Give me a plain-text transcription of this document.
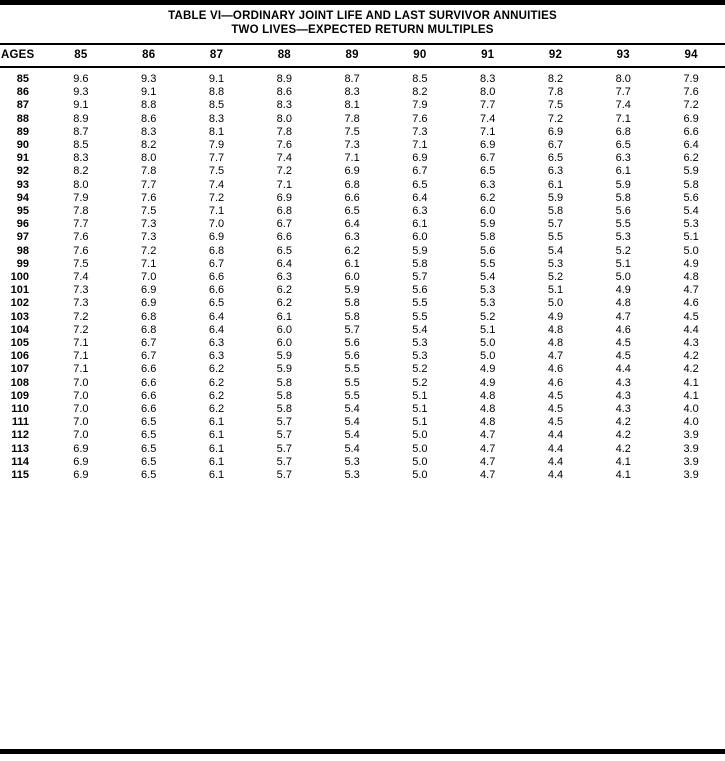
TABLE VI—ORDINARY JOINT LIFE AND LAST SURVIVOR ANNUITIES
TWO LIVES—EXPECTED RETURN MULTIPLES
AGES	85	86	87	88	89	90	91	92	93	94
85	9.6	9.3	9.1	8.9	8.7	8.5	8.3	8.2	8.0	7.9
86	9.3	9.1	8.8	8.6	8.3	8.2	8.0	7.8	7.7	7.6
87	9.1	8.8	8.5	8.3	8.1	7.9	7.7	7.5	7.4	7.2
88	8.9	8.6	8.3	8.0	7.8	7.6	7.4	7.2	7.1	6.9
89	8.7	8.3	8.1	7.8	7.5	7.3	7.1	6.9	6.8	6.6
90	8.5	8.2	7.9	7.6	7.3	7.1	6.9	6.7	6.5	6.4
91	8.3	8.0	7.7	7.4	7.1	6.9	6.7	6.5	6.3	6.2
92	8.2	7.8	7.5	7.2	6.9	6.7	6.5	6.3	6.1	5.9
93	8.0	7.7	7.4	7.1	6.8	6.5	6.3	6.1	5.9	5.8
94	7.9	7.6	7.2	6.9	6.6	6.4	6.2	5.9	5.8	5.6
95	7.8	7.5	7.1	6.8	6.5	6.3	6.0	5.8	5.6	5.4
96	7.7	7.3	7.0	6.7	6.4	6.1	5.9	5.7	5.5	5.3
97	7.6	7.3	6.9	6.6	6.3	6.0	5.8	5.5	5.3	5.1
98	7.6	7.2	6.8	6.5	6.2	5.9	5.6	5.4	5.2	5.0
99	7.5	7.1	6.7	6.4	6.1	5.8	5.5	5.3	5.1	4.9
100	7.4	7.0	6.6	6.3	6.0	5.7	5.4	5.2	5.0	4.8
101	7.3	6.9	6.6	6.2	5.9	5.6	5.3	5.1	4.9	4.7
102	7.3	6.9	6.5	6.2	5.8	5.5	5.3	5.0	4.8	4.6
103	7.2	6.8	6.4	6.1	5.8	5.5	5.2	4.9	4.7	4.5
104	7.2	6.8	6.4	6.0	5.7	5.4	5.1	4.8	4.6	4.4
105	7.1	6.7	6.3	6.0	5.6	5.3	5.0	4.8	4.5	4.3
106	7.1	6.7	6.3	5.9	5.6	5.3	5.0	4.7	4.5	4.2
107	7.1	6.6	6.2	5.9	5.5	5.2	4.9	4.6	4.4	4.2
108	7.0	6.6	6.2	5.8	5.5	5.2	4.9	4.6	4.3	4.1
109	7.0	6.6	6.2	5.8	5.5	5.1	4.8	4.5	4.3	4.1
110	7.0	6.6	6.2	5.8	5.4	5.1	4.8	4.5	4.3	4.0
111	7.0	6.5	6.1	5.7	5.4	5.1	4.8	4.5	4.2	4.0
112	7.0	6.5	6.1	5.7	5.4	5.0	4.7	4.4	4.2	3.9
113	6.9	6.5	6.1	5.7	5.4	5.0	4.7	4.4	4.2	3.9
114	6.9	6.5	6.1	5.7	5.3	5.0	4.7	4.4	4.1	3.9
115	6.9	6.5	6.1	5.7	5.3	5.0	4.7	4.4	4.1	3.9
